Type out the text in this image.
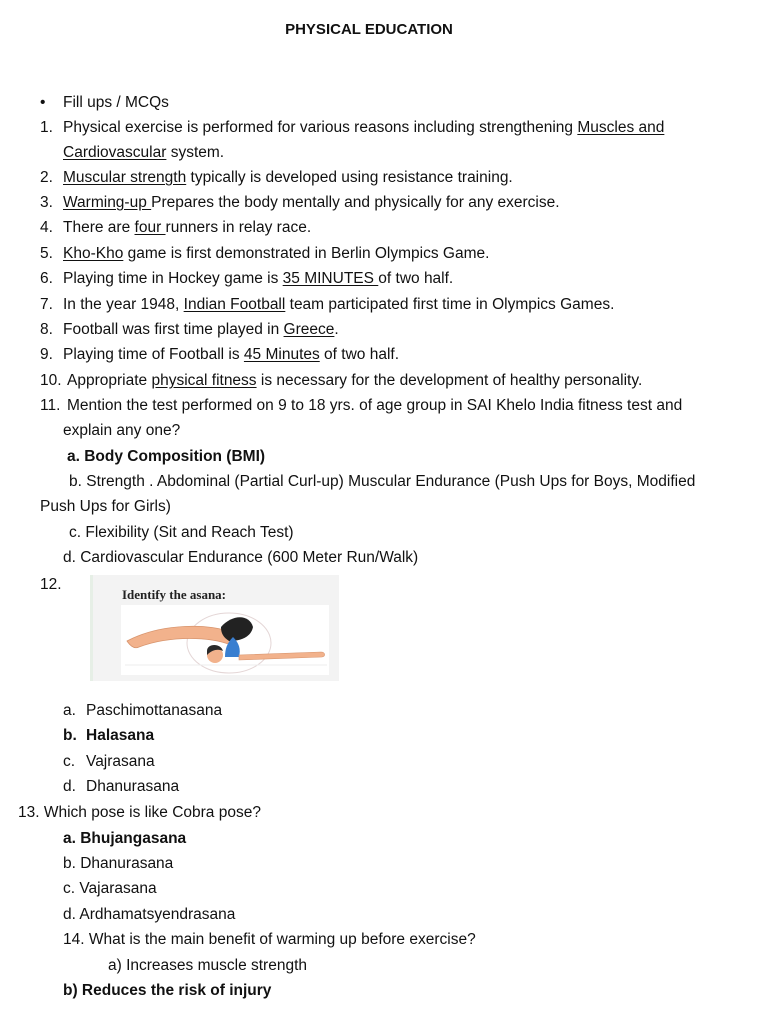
PHYSICAL EDUCATION
• Fill ups / MCQs
1. Physical exercise is performed for various reasons including strengthening Muscles and
Cardiovascular system.
2. Muscular strength typically is developed using resistance training.
3. Warming-up Prepares the body mentally and physically for any exercise.
4. There are four runners in relay race.
5. Kho-Kho game is first demonstrated in Berlin Olympics Game.
6. Playing time in Hockey game is 35 MINUTES of two half.
7. In the year 1948, Indian Football team participated first time in Olympics Games.
8. Football was first time played in Greece.
9. Playing time of Football is 45 Minutes of two half.
10. Appropriate physical fitness is necessary for the development of healthy personality.
11. Mention the test performed on 9 to 18 yrs. of age group in SAI Khelo India fitness test and
explain any one?
a. Body Composition (BMI)
b. Strength . Abdominal (Partial Curl-up) Muscular Endurance (Push Ups for Boys, Modified
Push Ups for Girls)
c. Flexibility (Sit and Reach Test)
d. Cardiovascular Endurance (600 Meter Run/Walk)
12.
Identify the asana:
a. Paschimottanasana
b. Halasana
c. Vajrasana
d. Dhanurasana
13. Which pose is like Cobra pose?
a. Bhujangasana
b. Dhanurasana
c. Vajarasana
d. Ardhamatsyendrasana
14. What is the main benefit of warming up before exercise?
a) Increases muscle strength
b) Reduces the risk of injury
